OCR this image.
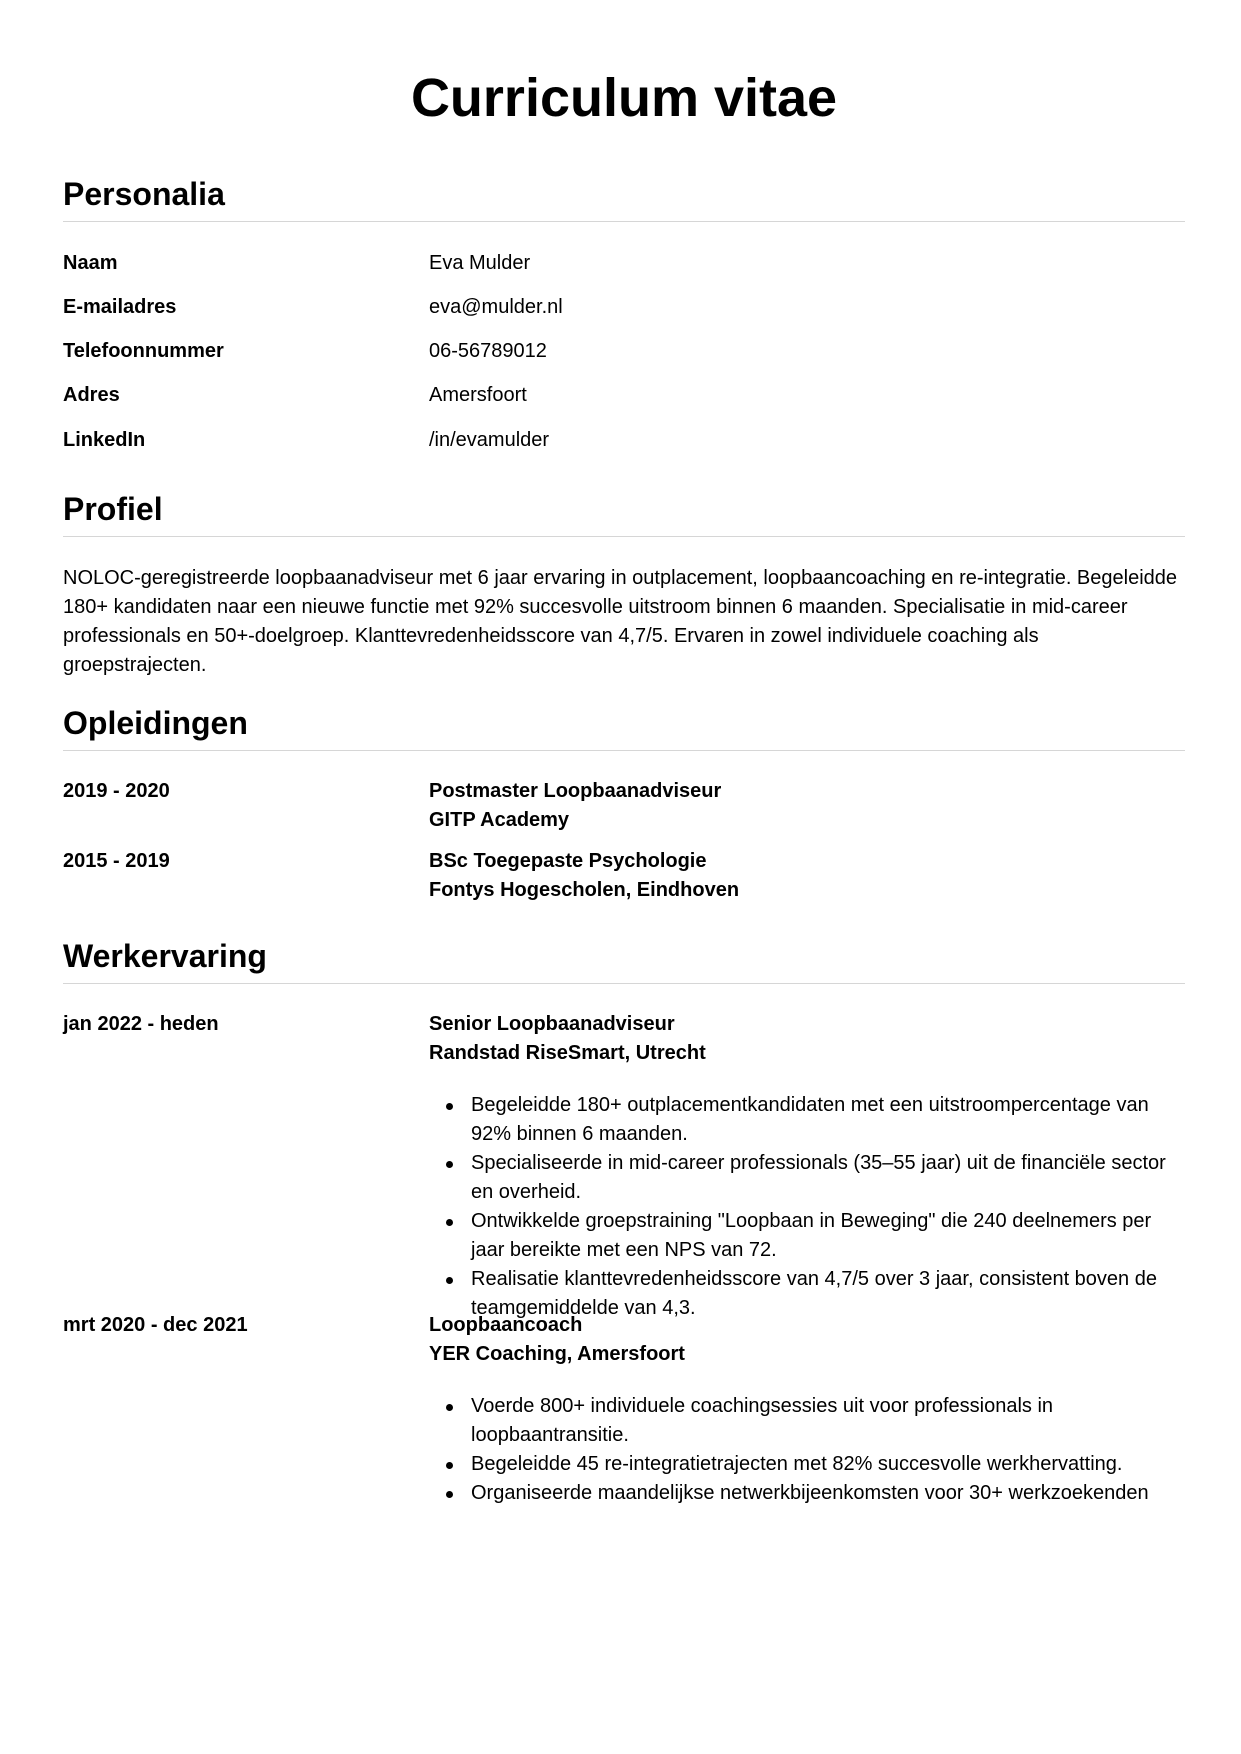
Curriculum vitae
Personalia
Naam	Eva Mulder
E-mailadres	eva@mulder.nl
Telefoonnummer	06-56789012
Adres	Amersfoort
LinkedIn	/in/evamulder
Profiel

NOLOC-geregistreerde loopbaanadviseur met 6 jaar ervaring in outplacement, loopbaancoaching en re-integratie. Begeleidde 180+ kandidaten naar een nieuwe functie met 92% succesvolle uitstroom binnen 6 maanden. Specialisatie in mid-career professionals en 50+-doelgroep. Klanttevredenheidsscore van 4,7/5. Ervaren in zowel individuele coaching als groepstrajecten.

Opleidingen
2019 - 2020	Postmaster Loopbaanadviseur
GITP Academy
2015 - 2019	BSc Toegepaste Psychologie
Fontys Hogescholen, Eindhoven
Werkervaring
jan 2022 - heden	Senior Loopbaanadviseur
Randstad RiseSmart, Utrecht
Begeleidde 180+ outplacementkandidaten met een uitstroompercentage van 92% binnen 6 maanden.
Specialiseerde in mid-career professionals (35–55 jaar) uit de financiële sector en overheid.
Ontwikkelde groepstraining "Loopbaan in Beweging" die 240 deelnemers per jaar bereikte met een NPS van 72.
Realisatie klanttevredenheidsscore van 4,7/5 over 3 jaar, consistent boven de teamgemiddelde van 4,3.
mrt 2020 - dec 2021	Loopbaancoach
YER Coaching, Amersfoort
Voerde 800+ individuele coachingsessies uit voor professionals in loopbaantransitie.
Begeleidde 45 re-integratietrajecten met 82% succesvolle werkhervatting.
Organiseerde maandelijkse netwerkbijeenkomsten voor 30+ werkzoekenden
